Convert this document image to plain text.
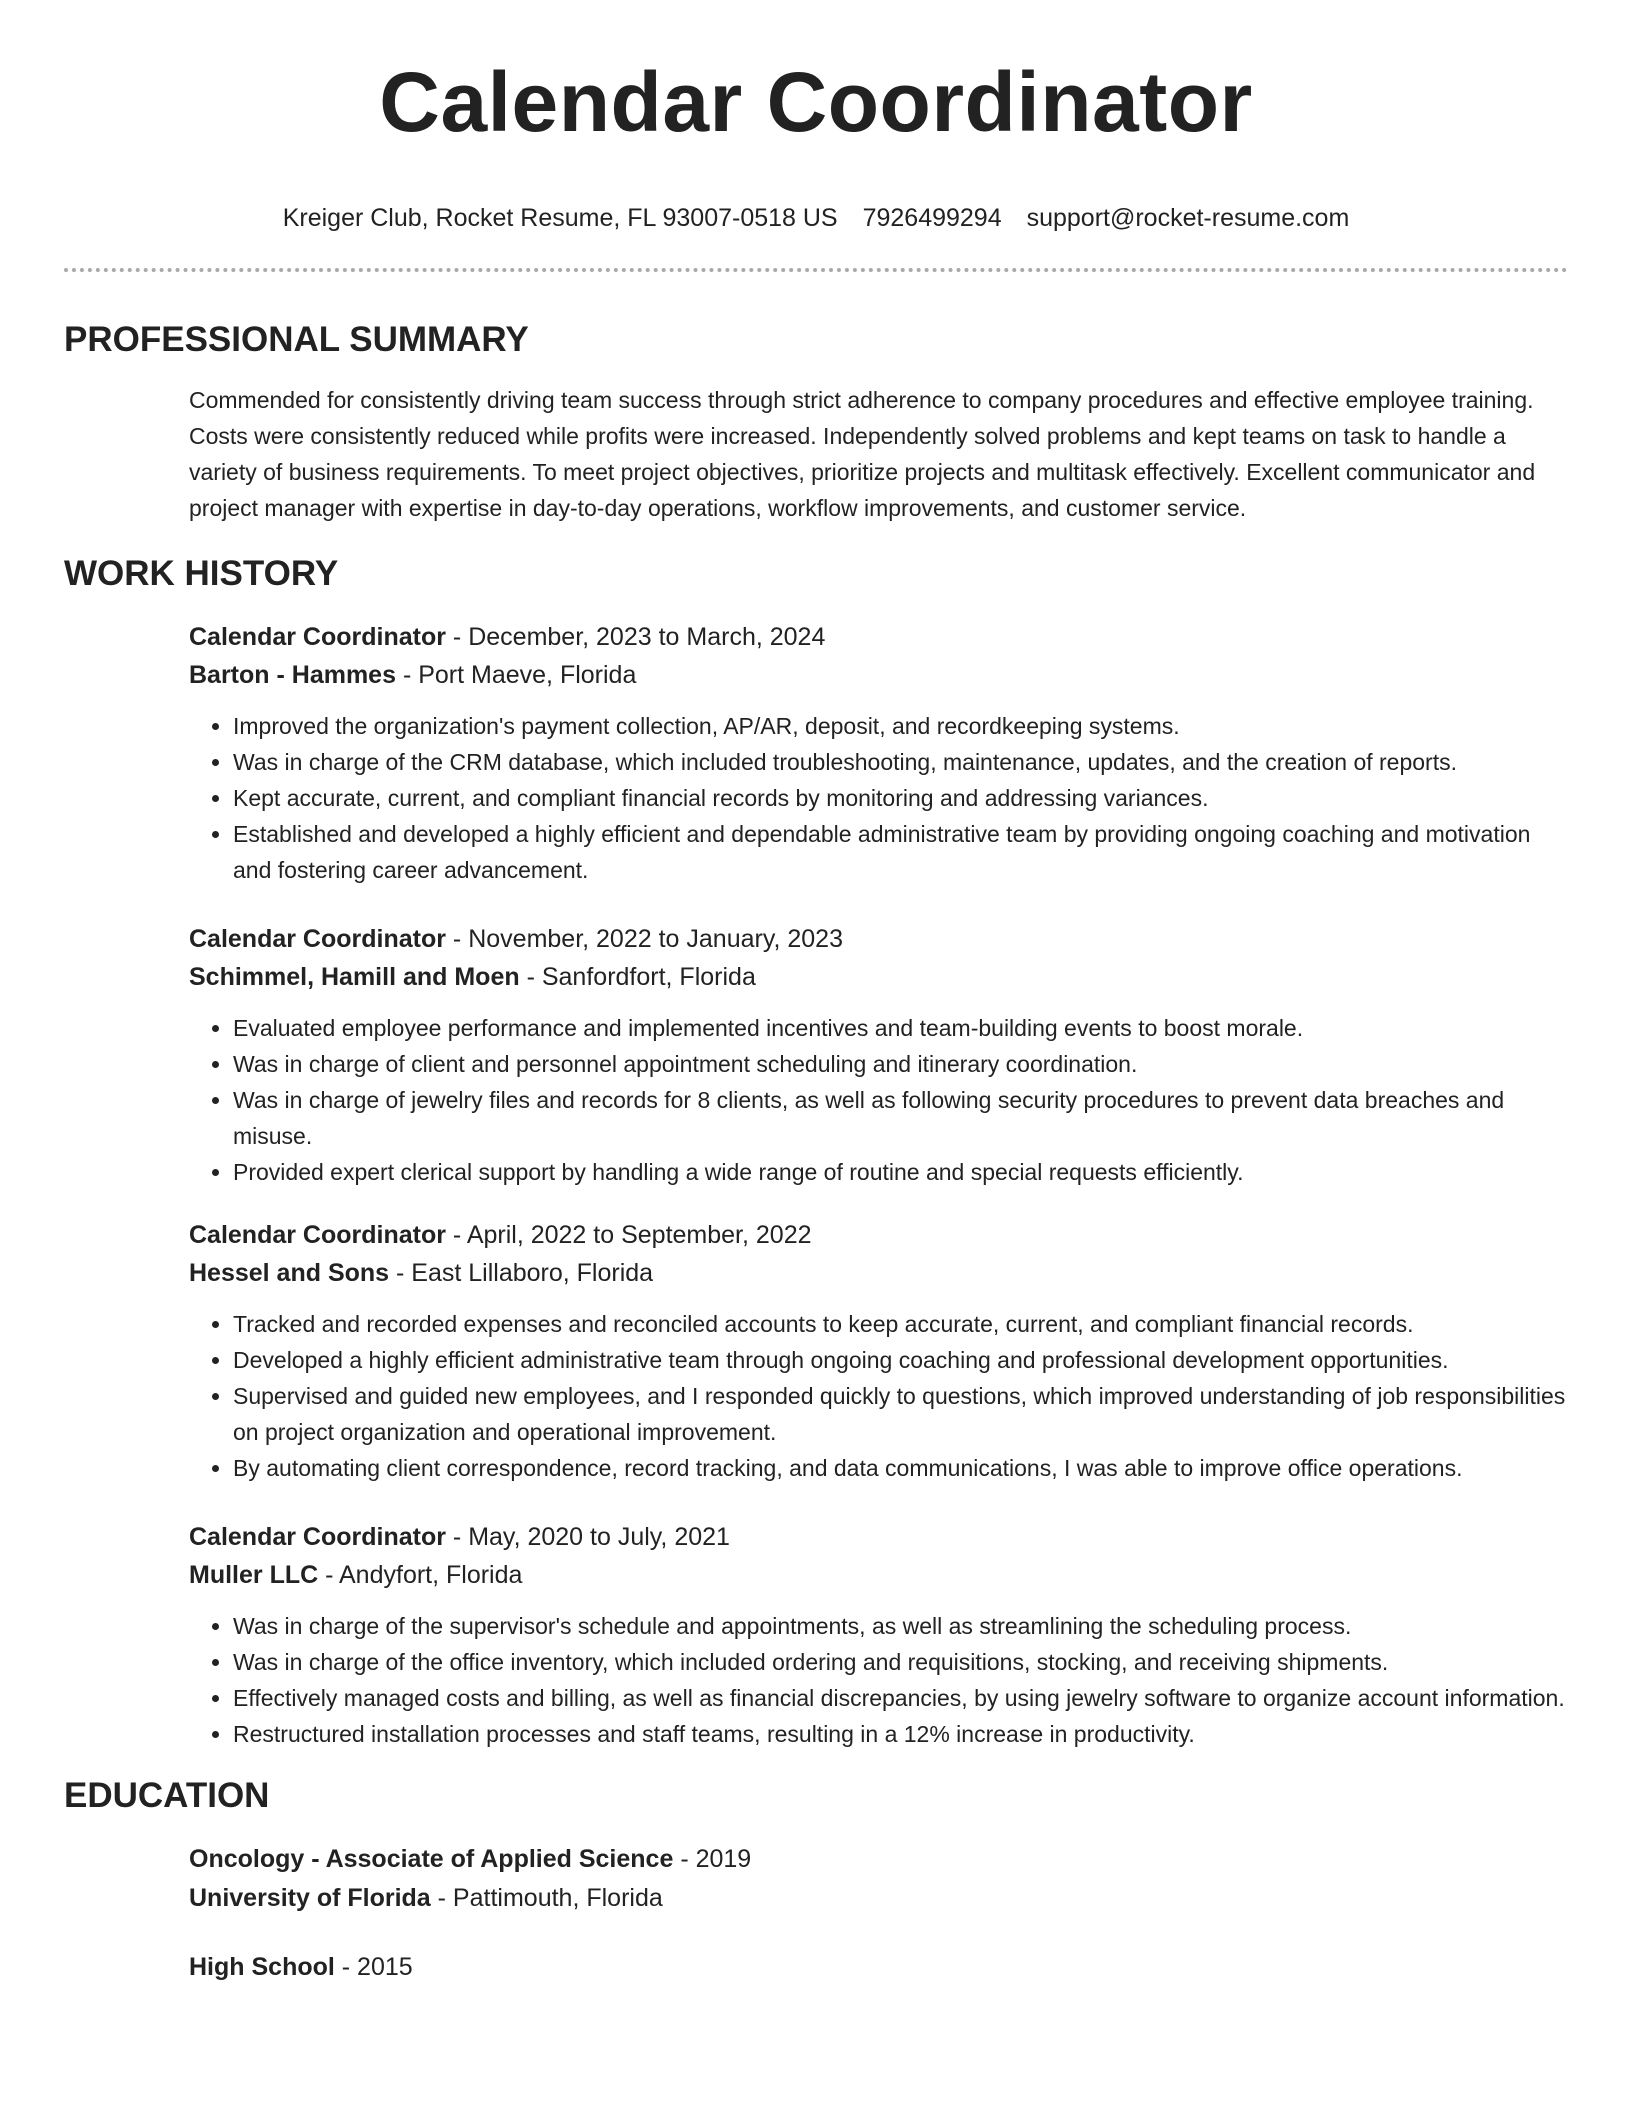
Calendar Coordinator
Kreiger Club, Rocket Resume, FL 93007-0518 US 7926499294 support@rocket-resume.com
PROFESSIONAL SUMMARY
Commended for consistently driving team success through strict adherence to company procedures and effective employee training. Costs were consistently reduced while profits were increased. Independently solved problems and kept teams on task to handle a variety of business requirements. To meet project objectives, prioritize projects and multitask effectively. Excellent communicator and project manager with expertise in day-to-day operations, workflow improvements, and customer service.
WORK HISTORY
Calendar Coordinator - December, 2023 to March, 2024
Barton - Hammes - Port Maeve, Florida
• Improved the organization's payment collection, AP/AR, deposit, and recordkeeping systems.
• Was in charge of the CRM database, which included troubleshooting, maintenance, updates, and the creation of reports.
• Kept accurate, current, and compliant financial records by monitoring and addressing variances.
• Established and developed a highly efficient and dependable administrative team by providing ongoing coaching and motivation and fostering career advancement.
Calendar Coordinator - November, 2022 to January, 2023
Schimmel, Hamill and Moen - Sanfordfort, Florida
• Evaluated employee performance and implemented incentives and team-building events to boost morale.
• Was in charge of client and personnel appointment scheduling and itinerary coordination.
• Was in charge of jewelry files and records for 8 clients, as well as following security procedures to prevent data breaches and misuse.
• Provided expert clerical support by handling a wide range of routine and special requests efficiently.
Calendar Coordinator - April, 2022 to September, 2022
Hessel and Sons - East Lillaboro, Florida
• Tracked and recorded expenses and reconciled accounts to keep accurate, current, and compliant financial records.
• Developed a highly efficient administrative team through ongoing coaching and professional development opportunities.
• Supervised and guided new employees, and I responded quickly to questions, which improved understanding of job responsibilities on project organization and operational improvement.
• By automating client correspondence, record tracking, and data communications, I was able to improve office operations.
Calendar Coordinator - May, 2020 to July, 2021
Muller LLC - Andyfort, Florida
• Was in charge of the supervisor's schedule and appointments, as well as streamlining the scheduling process.
• Was in charge of the office inventory, which included ordering and requisitions, stocking, and receiving shipments.
• Effectively managed costs and billing, as well as financial discrepancies, by using jewelry software to organize account information.
• Restructured installation processes and staff teams, resulting in a 12% increase in productivity.
EDUCATION
Oncology - Associate of Applied Science - 2019
University of Florida - Pattimouth, Florida
High School - 2015
